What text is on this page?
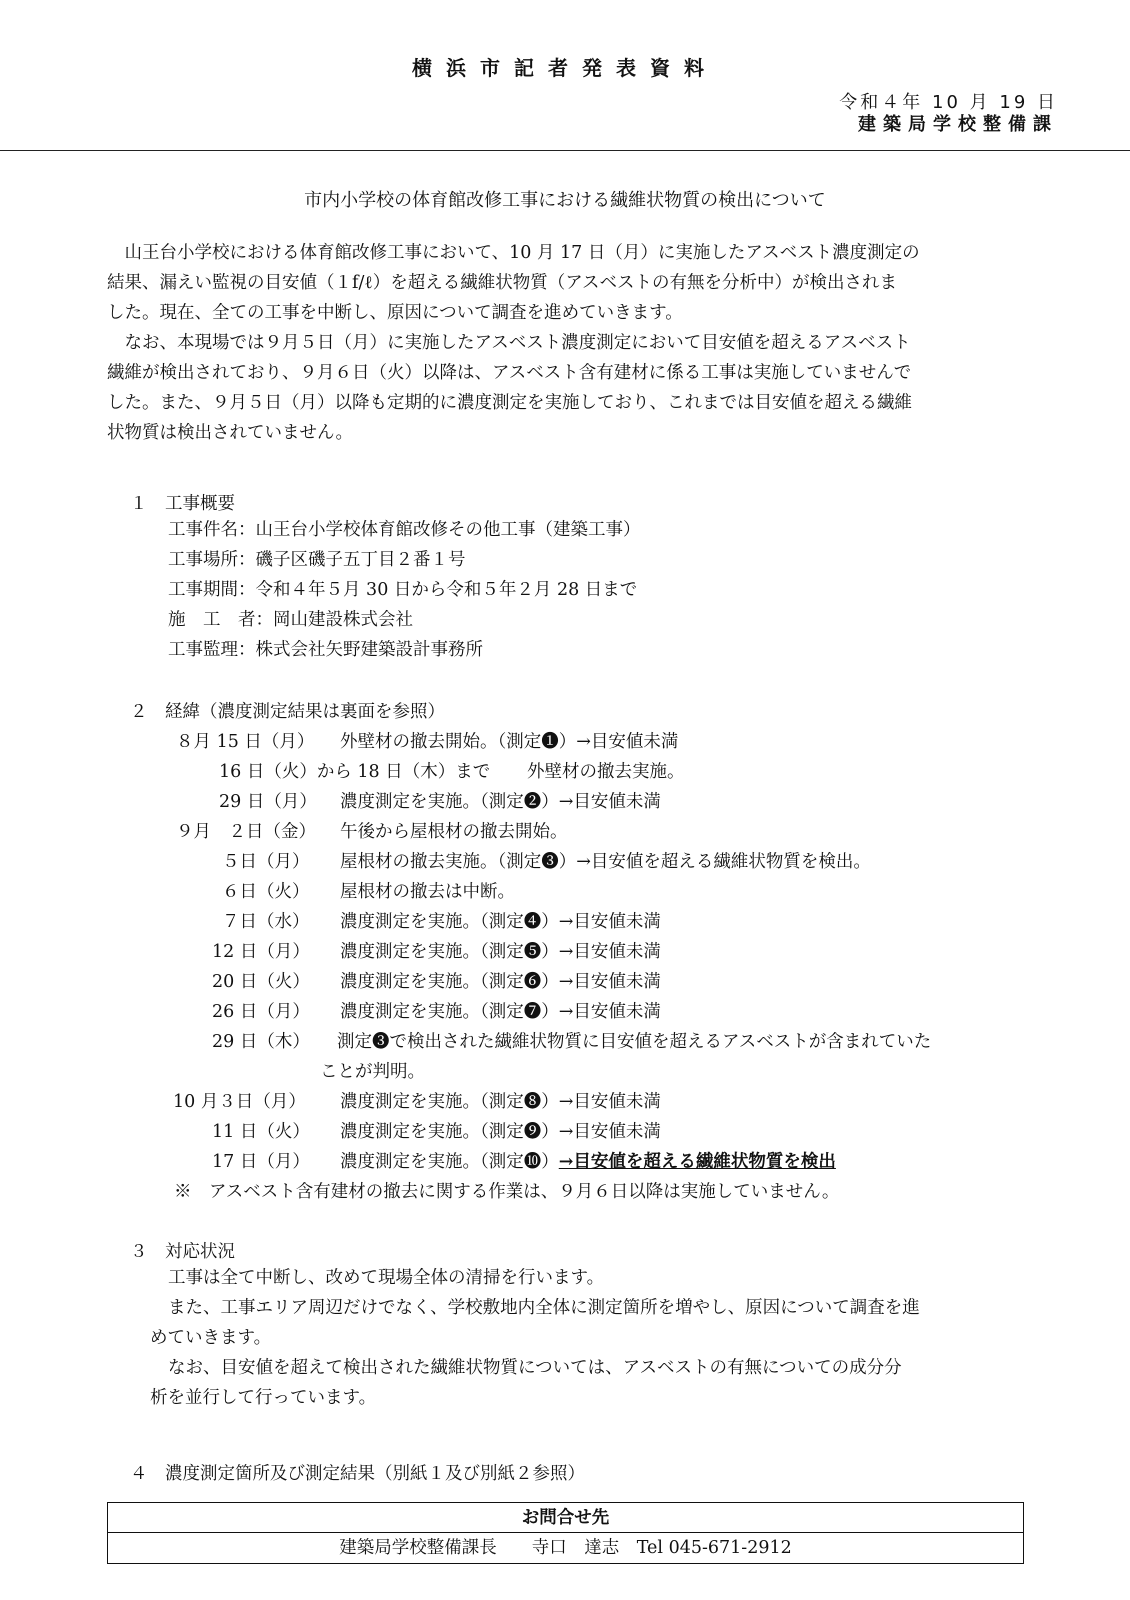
横浜市記者発表資料
令和４年 10 月 19 日
建築局学校整備課
市内小学校の体育館改修工事における繊維状物質の検出について
　山王台小学校における体育館改修工事において、10 月 17 日（月）に実施したアスベスト濃度測定の
結果、漏えい監視の目安値（１f/ℓ）を超える繊維状物質（アスベストの有無を分析中）が検出されま
した。現在、全ての工事を中断し、原因について調査を進めていきます。
　なお、本現場では９月５日（月）に実施したアスベスト濃度測定において目安値を超えるアスベスト
繊維が検出されており、９月６日（火）以降は、アスベスト含有建材に係る工事は実施していませんで
した。また、９月５日（月）以降も定期的に濃度測定を実施しており、これまでは目安値を超える繊維
状物質は検出されていません。
１　工事概要
工事件名：山王台小学校体育館改修その他工事（建築工事）
工事場所：磯子区磯子五丁目２番１号
工事期間：令和４年５月 30 日から令和５年２月 28 日まで
施　工　者：岡山建設株式会社
工事監理：株式会社矢野建築設計事務所
２　経緯（濃度測定結果は裏面を参照）
８月 15 日（月） 外壁材の撤去開始。（測定❶）→目安値未満
16 日（火）から 18 日（木）まで 外壁材の撤去実施。
29 日（月） 濃度測定を実施。（測定❷）→目安値未満
９月　２日（金） 午後から屋根材の撤去開始。
５日（月） 屋根材の撤去実施。（測定❸）→目安値を超える繊維状物質を検出。
６日（火） 屋根材の撤去は中断。
７日（水） 濃度測定を実施。（測定❹）→目安値未満
12 日（月） 濃度測定を実施。（測定❺）→目安値未満
20 日（火） 濃度測定を実施。（測定❻）→目安値未満
26 日（月） 濃度測定を実施。（測定❼）→目安値未満
29 日（木） 測定❸で検出された繊維状物質に目安値を超えるアスベストが含まれていた
ことが判明。
10 月３日（月） 濃度測定を実施。（測定❽）→目安値未満
11 日（火） 濃度測定を実施。（測定❾）→目安値未満
17 日（月） 濃度測定を実施。（測定❿）→目安値を超える繊維状物質を検出
※　アスベスト含有建材の撤去に関する作業は、９月６日以降は実施していません。
３　対応状況
工事は全て中断し、改めて現場全体の清掃を行います。
また、工事エリア周辺だけでなく、学校敷地内全体に測定箇所を増やし、原因について調査を進
めていきます。
なお、目安値を超えて検出された繊維状物質については、アスベストの有無についての成分分
析を並行して行っています。
４　濃度測定箇所及び測定結果（別紙１及び別紙２参照）
お問合せ先
建築局学校整備課長　　寺口　達志　Tel 045-671-2912
